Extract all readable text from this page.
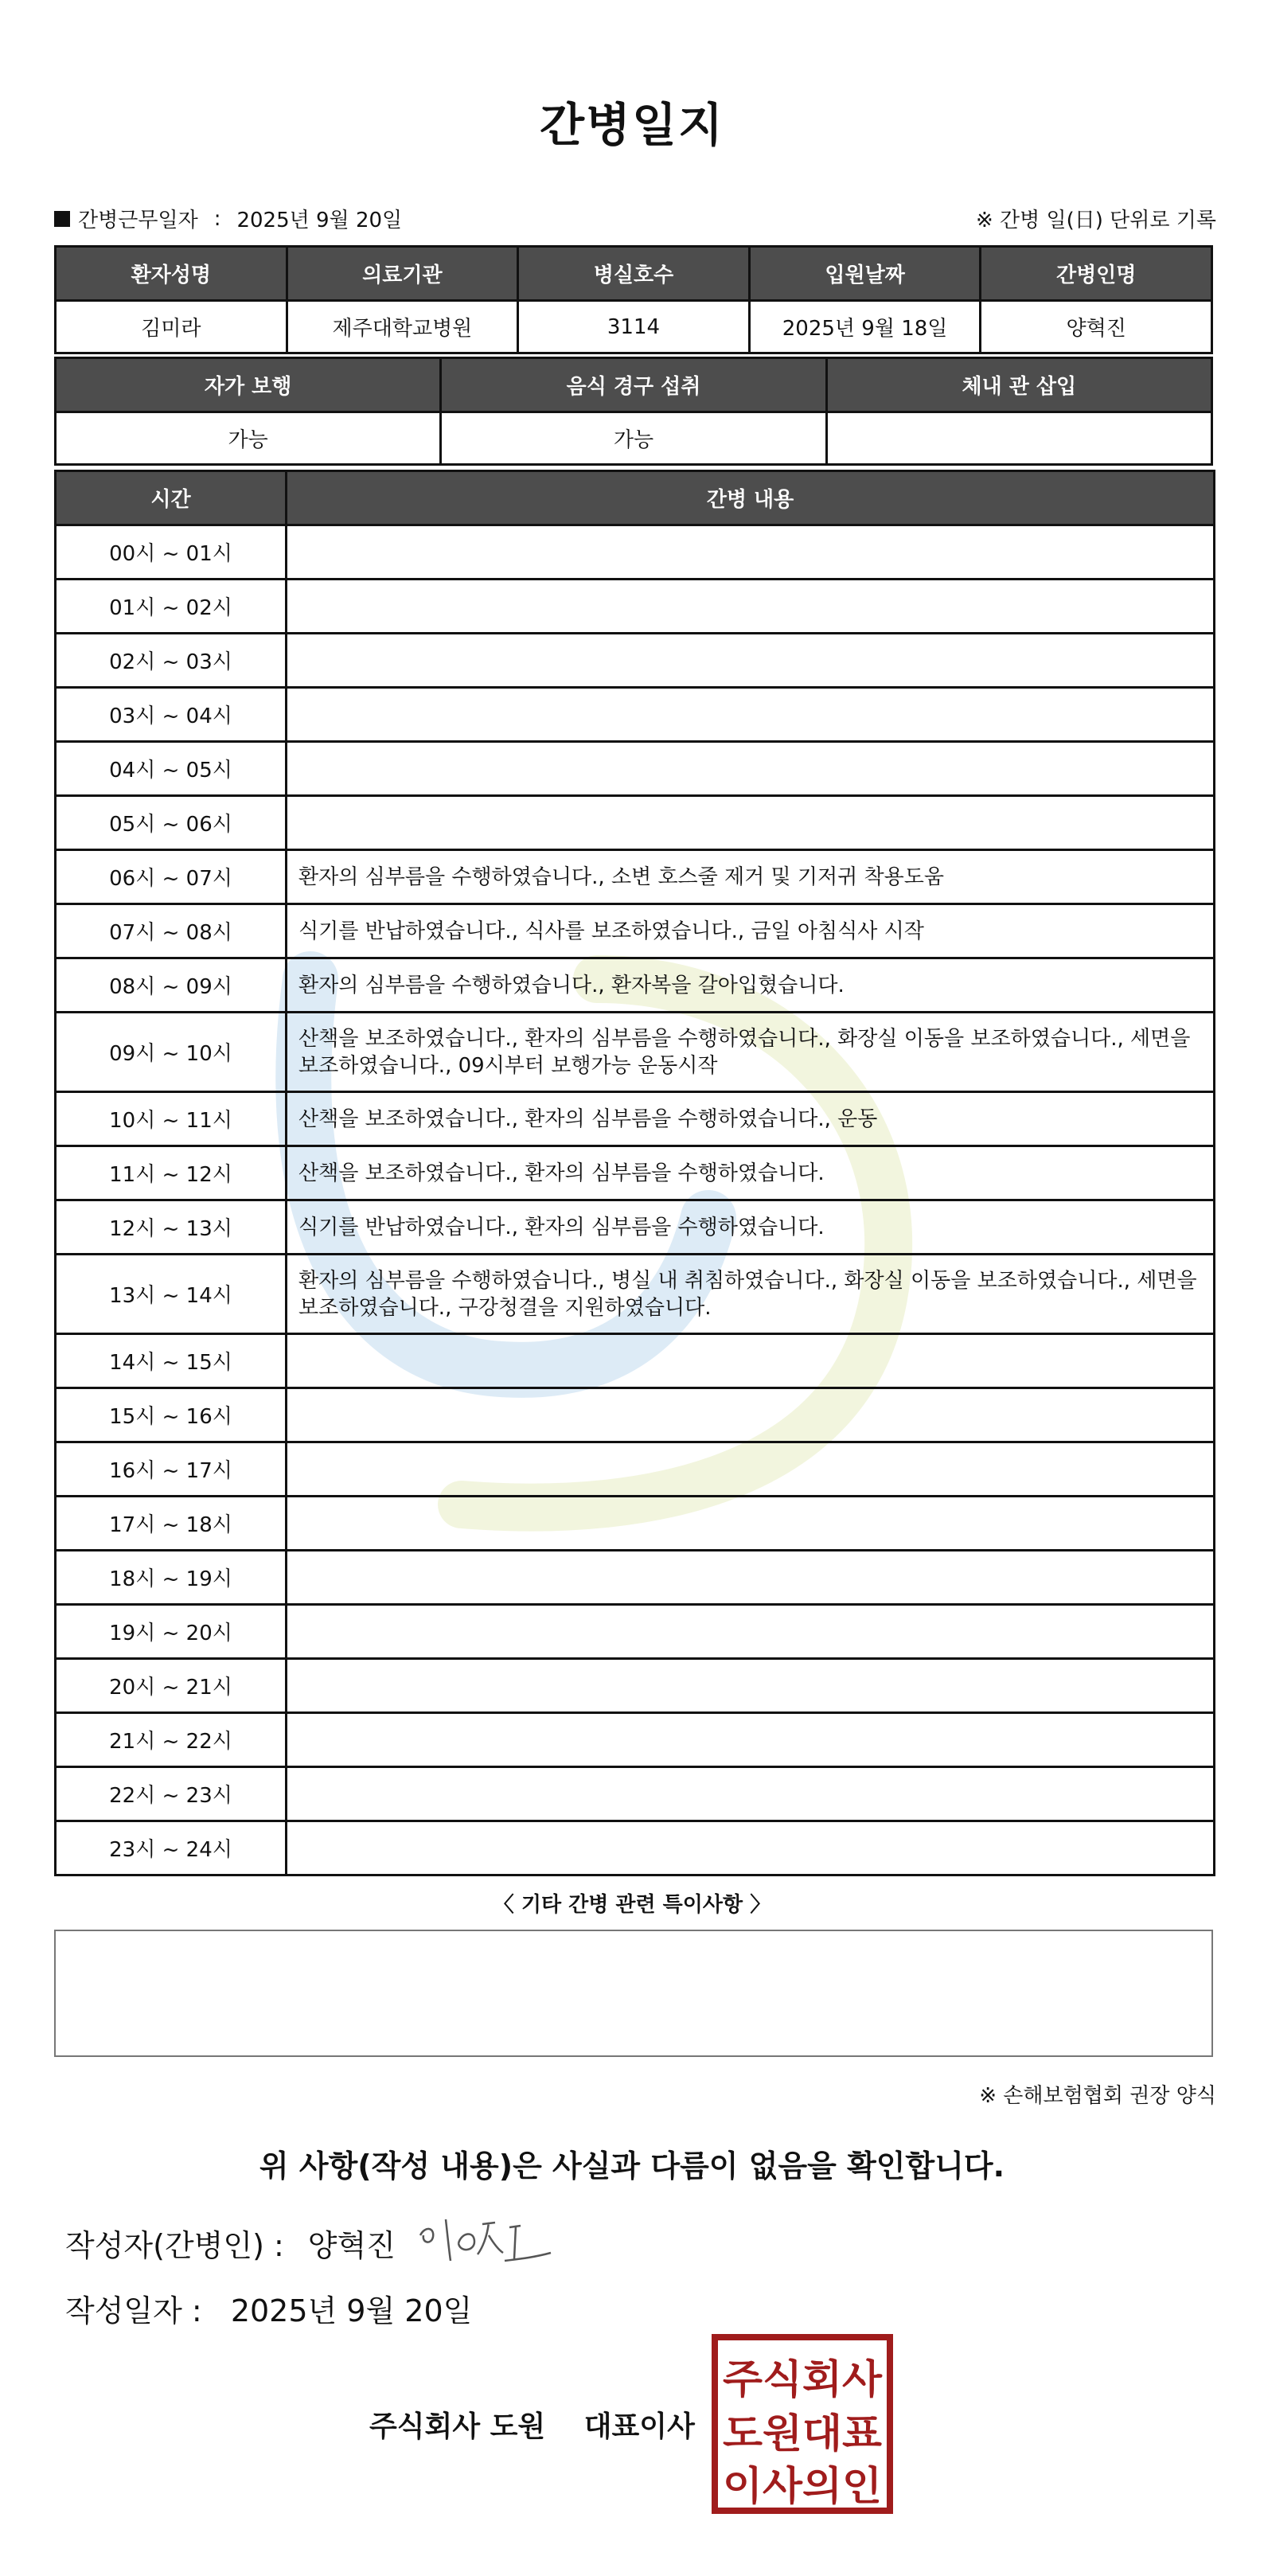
간병일지
간병근무일자 : 2025년 9월 20일	※ 간병 일(日) 단위로 기록
환자성명	의료기관	병실호수	입원날짜	간병인명
김미라	제주대학교병원	3114	2025년 9월 18일	양혁진
자가 보행	음식 경구 섭취	체내 관 삽입
가능	가능	
시간	간병 내용
00시 ~ 01시	
01시 ~ 02시	
02시 ~ 03시	
03시 ~ 04시	
04시 ~ 05시	
05시 ~ 06시	
06시 ~ 07시	환자의 심부름을 수행하였습니다., 소변 호스줄 제거 및 기저귀 착용도움
07시 ~ 08시	식기를 반납하였습니다., 식사를 보조하였습니다., 금일 아침식사 시작
08시 ~ 09시	환자의 심부름을 수행하였습니다., 환자복을 갈아입혔습니다.
09시 ~ 10시	산책을 보조하였습니다., 환자의 심부름을 수행하였습니다., 화장실 이동을 보조하였습니다., 세면을 보조하였습니다., 09시부터 보행가능 운동시작
10시 ~ 11시	산책을 보조하였습니다., 환자의 심부름을 수행하였습니다., 운동
11시 ~ 12시	산책을 보조하였습니다., 환자의 심부름을 수행하였습니다.
12시 ~ 13시	식기를 반납하였습니다., 환자의 심부름을 수행하였습니다.
13시 ~ 14시	환자의 심부름을 수행하였습니다., 병실 내 취침하였습니다., 화장실 이동을 보조하였습니다., 세면을 보조하였습니다., 구강청결을 지원하였습니다.
14시 ~ 15시	
15시 ~ 16시	
16시 ~ 17시	
17시 ~ 18시	
18시 ~ 19시	
19시 ~ 20시	
20시 ~ 21시	
21시 ~ 22시	
22시 ~ 23시	
23시 ~ 24시	
〈 기타 간병 관련 특이사항 〉
※ 손해보험협회 권장 양식
위 사항(작성 내용)은 사실과 다름이 없음을 확인합니다.
작성자(간병인) : 양혁진
작성일자 : 2025년 9월 20일
주식회사 도원 대표이사
주식회사
도원대표
이사의인
